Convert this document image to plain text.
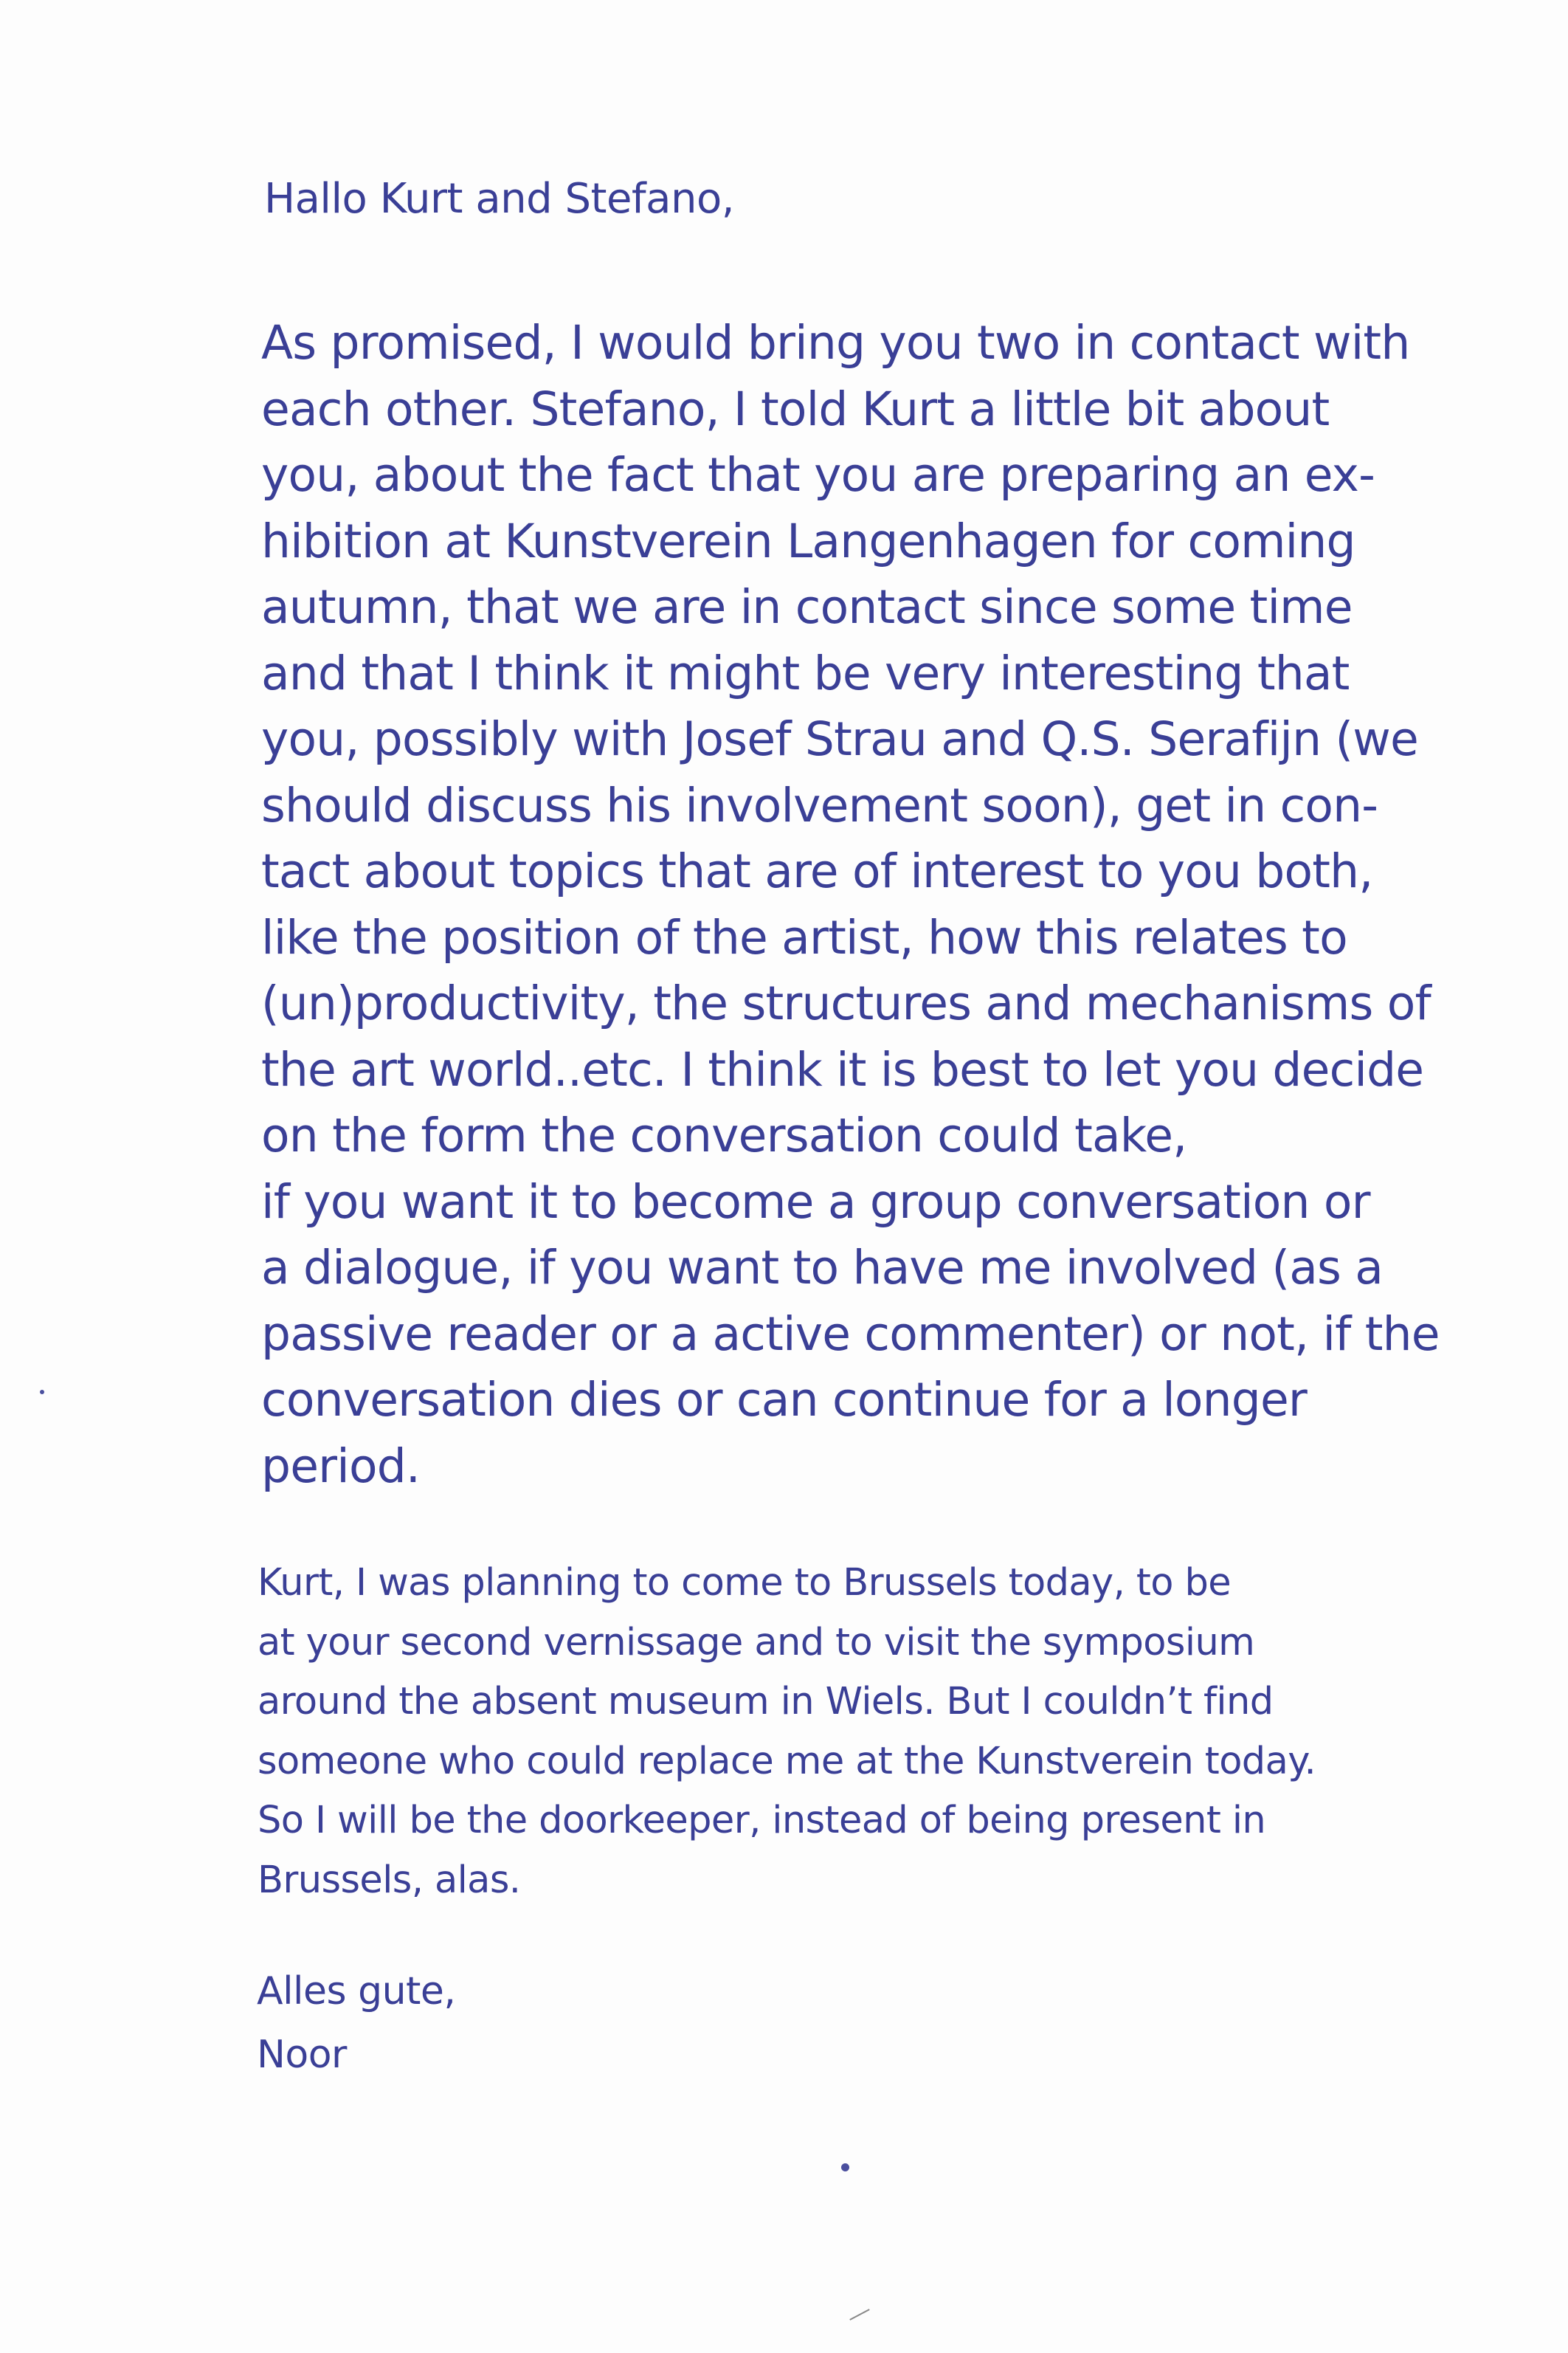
Hallo Kurt and Stefano,
As promised, I would bring you two in contact with
each other. Stefano, I told Kurt a little bit about
you, about the fact that you are preparing an ex-
hibition at Kunstverein Langenhagen for coming
autumn, that we are in contact since some time
and that I think it might be very interesting that
you, possibly with Josef Strau and Q.S. Serafijn (we
should discuss his involvement soon), get in con-
tact about topics that are of interest to you both,
like the position of the artist, how this relates to
(un)productivity, the structures and mechanisms of
the art world..etc. I think it is best to let you decide
on the form the conversation could take,
if you want it to become a group conversation or
a dialogue, if you want to have me involved (as a
passive reader or a active commenter) or not, if the
conversation dies or can continue for a longer
period.
Kurt, I was planning to come to Brussels today, to be
at your second vernissage and to visit the symposium
around the absent museum in Wiels. But I couldn’t find
someone who could replace me at the Kunstverein today.
So I will be the doorkeeper, instead of being present in
Brussels, alas.
Alles gute,
Noor
